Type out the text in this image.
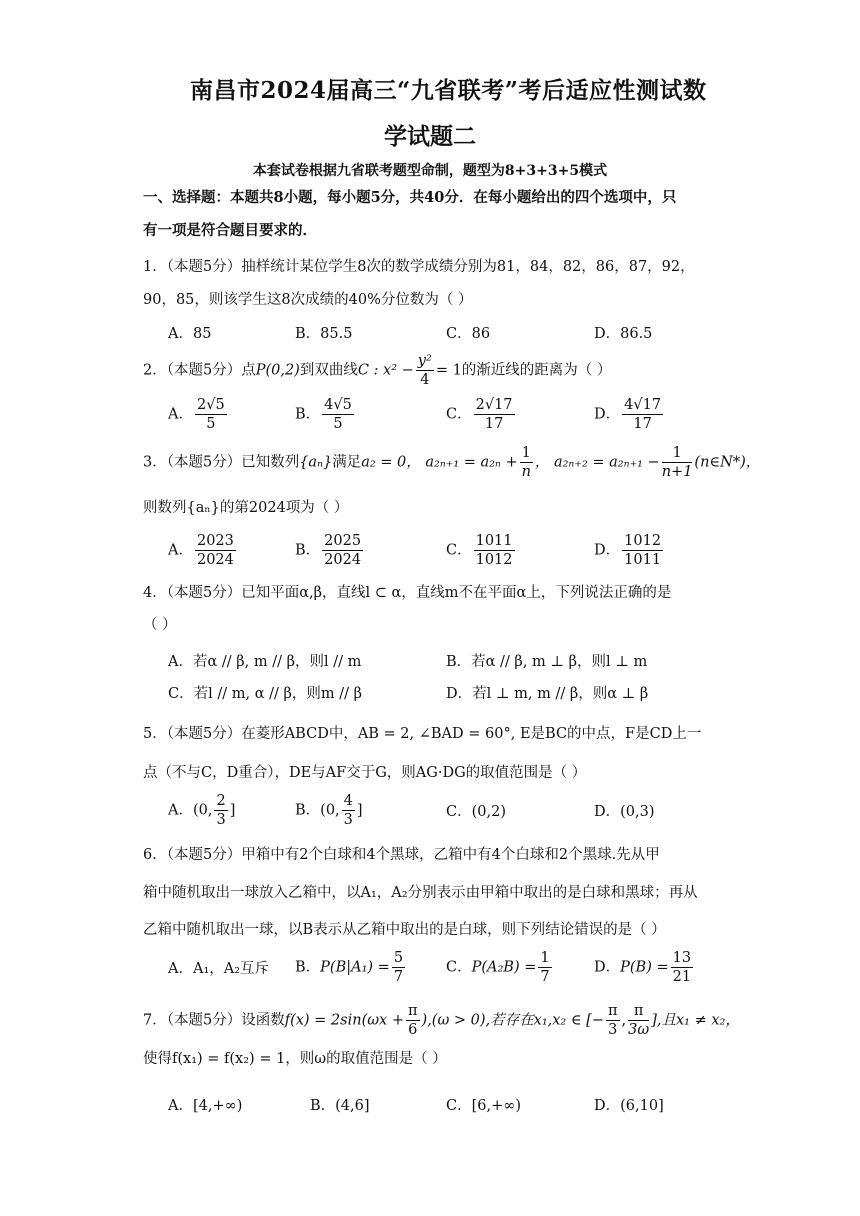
南昌市2024届高三“九省联考”考后适应性测试数
学试题二
本套试卷根据九省联考题型命制，题型为8+3+3+5模式
一、选择题：本题共8小题，每小题5分，共40分．在每小题给出的四个选项中，只
有一项是符合题目要求的．
1．（本题5分）抽样统计某位学生8次的数学成绩分别为81，84，82，86，87，92，
90，85，则该学生这8次成绩的40%分位数为（ ）
A．85	B．85.5	C．86	D．86.5
2．（本题5分）点P(0,2)到双曲线C : $x^2 - \frac{\text{y²}}{4} = 1$的渐近线的距离为（ ）
A． $\frac{2√5}{5}$	B． $\frac{4√5}{5}$	C． $\frac{2√17}{17}$	D． $\frac{4√17}{17}$
3．（本题5分）已知数列{aₙ}满足a₂ = 0， $a_{2n+1} = a_{2n} + \frac{1}{n}$ ， $a_{2n+2} = a_{2n+1} - \frac{1}{n+1}$ (n∈N*)，
则数列{aₙ}的第2024项为（ ）
A． $\frac{2023}{2024}$	B． $\frac{2025}{2024}$	C． $\frac{1011}{1012}$	D． $\frac{1012}{1011}$
4．（本题5分）已知平面α,β，直线l ⊂ α，直线m不在平面α上，下列说法正确的是
（ ）
A．若α // β, m // β，则l // m	B．若α // β, m ⊥ β，则l ⊥ m
C．若l // m, α // β，则m // β	D．若l ⊥ m, m // β，则α ⊥ β
5．（本题5分）在菱形ABCD中，AB = 2, ∠BAD = 60°, E是BC的中点，F是CD上一
点（不与C，D重合），DE与AF交于G，则AG·DG的取值范围是（ ）
A．(0, $\frac{2}{3}$ ]	B．(0, $\frac{4}{3}$ ]	C．(0,2)	D．(0,3)
6．（本题5分）甲箱中有2个白球和4个黑球，乙箱中有4个白球和2个黑球.先从甲
箱中随机取出一球放入乙箱中，以A₁，A₂分别表示由甲箱中取出的是白球和黑球；再从
乙箱中随机取出一球，以B表示从乙箱中取出的是白球，则下列结论错误的是（ ）
A．A₁，A₂互斥 B．$P(B|A_1) = \frac{5}{7}$	C．$P(A_2B) = \frac{1}{7}$	D．$P(B) = \frac{13}{21}$
7．（本题5分）设函数$f(x) = 2\sin(\omega x + \frac{\pi}{6} ),(\omega > 0)$,若存在x₁,x₂ ∈ [− $\frac{\pi}{3}$ , $\frac{\pi}{3\omega}$ ],且x₁ ≠ x₂，
使得f(x₁) = f(x₂) = 1，则ω的取值范围是（ ）
A．[4,+∞)	B．(4,6]	C．[6,+∞)	D．(6,10]
